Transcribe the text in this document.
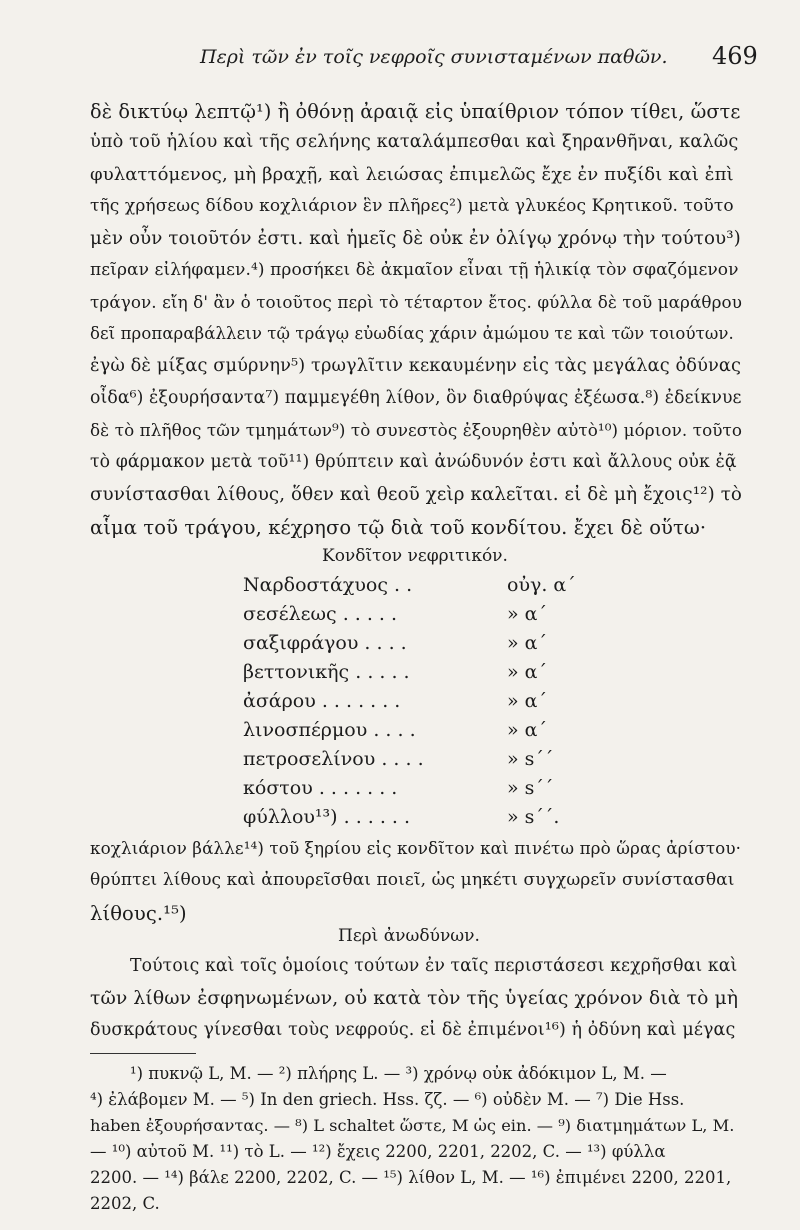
Περὶ τῶν ἐν τοῖς νεφροῖς συνισταμένων παθῶν. 469
δὲ δικτύῳ λεπτῷ¹) ἢ ὀθόνῃ ἀραιᾷ εἰς ὑπαίθριον τόπον τίθει, ὥστε
ὑπὸ τοῦ ἡλίου καὶ τῆς σελήνης καταλάμπεσθαι καὶ ξηρανθῆναι, καλῶς
φυλαττόμενος, μὴ βραχῇ, καὶ λειώσας ἐπιμελῶς ἔχε ἐν πυξίδι καὶ ἐπὶ
τῆς χρήσεως δίδου κοχλιάριον ἓν πλῆρες²) μετὰ γλυκέος Κρητικοῦ. τοῦτο
μὲν οὖν τοιοῦτόν ἐστι. καὶ ἡμεῖς δὲ οὐκ ἐν ὀλίγῳ χρόνῳ τὴν τούτου³)
πεῖραν εἰλήφαμεν.⁴) προσήκει δὲ ἀκμαῖον εἶναι τῇ ἡλικίᾳ τὸν σφαζόμενον
τράγον. εἴη δ' ἂν ὁ τοιοῦτος περὶ τὸ τέταρτον ἔτος. φύλλα δὲ τοῦ μαράθρου
δεῖ προπαραβάλλειν τῷ τράγῳ εὐωδίας χάριν ἀμώμου τε καὶ τῶν τοιούτων.
ἐγὼ δὲ μίξας σμύρνην⁵) τρωγλῖτιν κεκαυμένην εἰς τὰς μεγάλας ὀδύνας
οἶδα⁶) ἐξουρήσαντα⁷) παμμεγέθη λίθον, ὃν διαθρύψας ἐξέωσα.⁸) ἐδείκνυε
δὲ τὸ πλῆθος τῶν τμημάτων⁹) τὸ συνεστὸς ἐξουρηθὲν αὐτὸ¹⁰) μόριον. τοῦτο
τὸ φάρμακον μετὰ τοῦ¹¹) θρύπτειν καὶ ἀνώδυνόν ἐστι καὶ ἄλλους οὐκ ἐᾷ
συνίστασθαι λίθους, ὅθεν καὶ θεοῦ χεὶρ καλεῖται. εἰ δὲ μὴ ἔχοις¹²) τὸ
αἷμα τοῦ τράγου, κέχρησο τῷ διὰ τοῦ κονδίτου. ἔχει δὲ οὕτω·
Κονδῖτον νεφριτικόν.
Ναρδοστάχυος . .	οὐγ. α΄
σεσέλεως . . . . .	» α΄
σαξιφράγου . . . .	» α΄
βεττονικῆς . . . . .	» α΄
ἀσάρου . . . . . . .	» α΄
λινοσπέρμου . . . .	» α΄
πετροσελίνου . . . .	» s΄΄
κόστου . . . . . . .	» s΄΄
φύλλου¹³) . . . . . .	» s΄΄.
κοχλιάριον βάλλε¹⁴) τοῦ ξηρίου εἰς κονδῖτον καὶ πινέτω πρὸ ὥρας ἀρίστου·
θρύπτει λίθους καὶ ἀπουρεῖσθαι ποιεῖ, ὡς μηκέτι συγχωρεῖν συνίστασθαι
λίθους.¹⁵)
Περὶ ἀνωδύνων.
Τούτοις καὶ τοῖς ὁμοίοις τούτων ἐν ταῖς περιστάσεσι κεχρῆσθαι καὶ
τῶν λίθων ἐσφηνωμένων, οὐ κατὰ τὸν τῆς ὑγείας χρόνον διὰ τὸ μὴ
δυσκράτους γίνεσθαι τοὺς νεφρούς. εἰ δὲ ἐπιμένοι¹⁶) ἡ ὀδύνη καὶ μέγας
¹) πυκνῷ L, M. — ²) πλήρης L. — ³) χρόνῳ οὐκ ἀδόκιμον L, M. —
⁴) ἐλάβομεν M. — ⁵) In den griech. Hss. ζζ. — ⁶) οὐδὲν M. — ⁷) Die Hss.
haben ἐξουρήσαντας. — ⁸) L schaltet ὥστε, M ὡς ein. — ⁹) διατμημάτων L, M.
— ¹⁰) αὐτοῦ M. ¹¹) τὸ L. — ¹²) ἔχεις 2200, 2201, 2202, C. — ¹³) φύλλα
2200. — ¹⁴) βάλε 2200, 2202, C. — ¹⁵) λίθον L, M. — ¹⁶) ἐπιμένει 2200, 2201,
2202, C.
